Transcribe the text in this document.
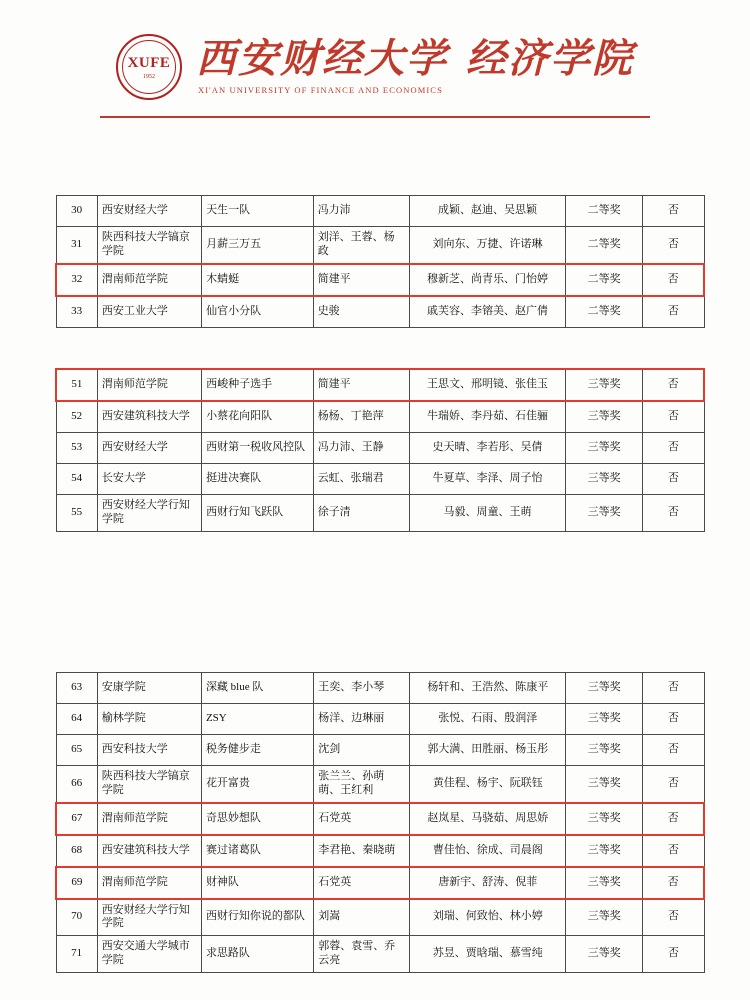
XUFE
1952 西安财经大学 经济学院
XI'AN UNIVERSITY OF FINANCE AND ECONOMICS
30	西安财经大学	天生一队	冯力沛	成颖、赵迪、吴思颖	二等奖	否
31	陕西科技大学镐京学院	月薪三万五	刘洋、王蓉、杨政	刘向东、万捷、许诺琳	二等奖	否
32	渭南师范学院	木蜻蜓	简建平	穆新芝、尚青乐、门怡婷	二等奖	否
33	西安工业大学	仙官小分队	史骏	戚芙容、李镕美、赵广倩	二等奖	否
51	渭南师范学院	西峻种子选手	简建平	王思文、邢明镜、张佳玉	三等奖	否
52	西安建筑科技大学	小蔡花向阳队	杨杨、丁艳萍	牛瑞娇、李丹茹、石佳骊	三等奖	否
53	西安财经大学	西财第一税收风控队	冯力沛、王静	史天晴、李若彤、吴倩	三等奖	否
54	长安大学	挺进决赛队	云虹、张瑞君	牛夏草、李泽、周子怡	三等奖	否
55	西安财经大学行知学院	西财行知飞跃队	徐子清	马毅、周童、王萌	三等奖	否
63	安康学院	深藏 blue 队	王奕、李小琴	杨轩和、王浩然、陈康平	三等奖	否
64	榆林学院	ZSY	杨洋、边琳丽	张悦、石雨、殷润泽	三等奖	否
65	西安科技大学	税务健步走	沈剑	郭大满、田胜丽、杨玉彤	三等奖	否
66	陕西科技大学镐京学院	花开富贵	张兰兰、孙萌萌、王红利	黄佳程、杨宇、阮联钰	三等奖	否
67	渭南师范学院	奇思妙想队	石党英	赵岚星、马骁茹、周思娇	三等奖	否
68	西安建筑科技大学	赛过诸葛队	李君艳、秦晓萌	曹佳怡、徐成、司晨阁	三等奖	否
69	渭南师范学院	财神队	石党英	唐新宇、舒涛、倪菲	三等奖	否
70	西安财经大学行知学院	西财行知你说的都队	刘嵩	刘瑞、何致怡、林小婷	三等奖	否
71	西安交通大学城市学院	求思路队	郭蓉、袁雪、乔云亮	苏昱、贾晗瑞、慕雪纯	三等奖	否
